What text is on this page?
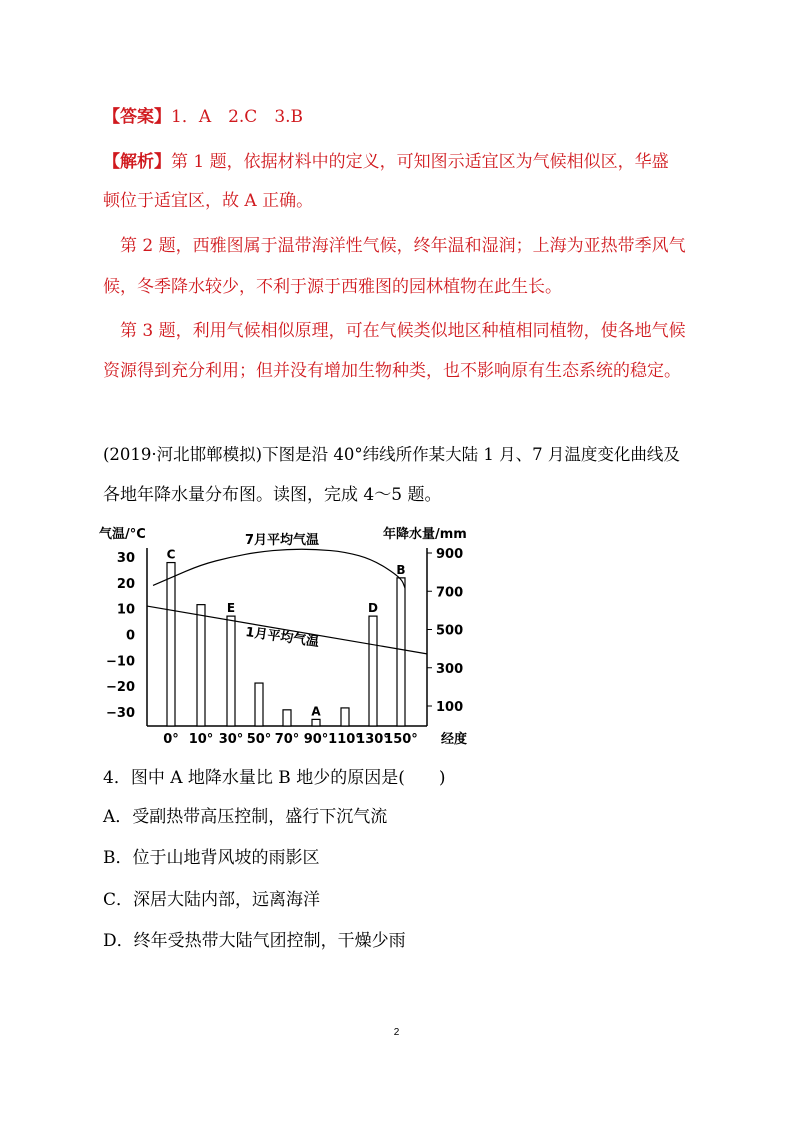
【答案】1．A　2.C　3.B
【解析】第 1 题，依据材料中的定义，可知图示适宜区为气候相似区，华盛
顿位于适宜区，故 A 正确。
第 2 题，西雅图属于温带海洋性气候，终年温和湿润；上海为亚热带季风气
候，冬季降水较少，不利于源于西雅图的园林植物在此生长。
第 3 题，利用气候相似原理，可在气候类似地区种植相同植物，使各地气候
资源得到充分利用；但并没有增加生物种类，也不影响原有生态系统的稳定。
(2019·河北邯郸模拟)下图是沿 40°纬线所作某大陆 1 月、7 月温度变化曲线及
各地年降水量分布图。读图，完成 4～5 题。
气温/°C	年降水量/mm
经度
30
20
10
0
−10
−20
−30
900
700
500
300
100
C
E
A
D
B
0° 10° 30° 50° 70° 90° 110°
130°
150°
7月平均气温
1月平均气温
4．图中 A 地降水量比 B 地少的原因是(　　)
A．受副热带高压控制，盛行下沉气流
B．位于山地背风坡的雨影区
C．深居大陆内部，远离海洋
D．终年受热带大陆气团控制，干燥少雨
2
